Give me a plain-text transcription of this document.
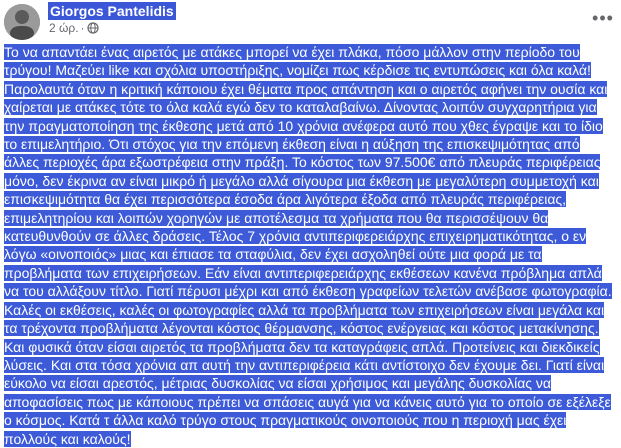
Giorgos Pantelidis
2 ώρ. ·	•••

Το να απαντάει ένας αιρετός με ατάκες μπορεί να έχει πλάκα, πόσο μάλλον στην περίοδο του τρύγου! Μαζεύει like και σχόλια υποστήριξης, νομίζει πως κέρδισε τις εντυπώσεις και όλα καλά! Παρολαυτά όταν η κριτική κάποιου έχει θέματα προς απάντηση και ο αιρετός αφήνει την ουσία και χαίρεται με ατάκες τότε το όλα καλά εγώ δεν το καταλαβαίνω. Δίνοντας λοιπόν συγχαρητήρια για την πραγματοποίηση της έκθεσης μετά από 10 χρόνια ανέφερα αυτό που χθες έγραψε και το ίδιο το επιμελητήριο. Ότι στόχος για την επόμενη έκθεση είναι η αύξηση της επισκεψιμότητας από άλλες περιοχές άρα εξωστρέφεια στην πράξη. Το κόστος των 97.500€ από πλευράς περιφέρειας μόνο, δεν έκρινα αν είναι μικρό ή μεγάλο αλλά σίγουρα μια έκθεση με μεγαλύτερη συμμετοχή και επισκεψιμότητα θα έχει περισσότερα έσοδα άρα λιγότερα έξοδα από πλευράς περιφέρειας, επιμελητηρίου και λοιπών χορηγών με αποτέλεσμα τα χρήματα που θα περισσέψουν θα κατευθυνθούν σε άλλες δράσεις. Τέλος 7 χρόνια αντιπεριφερειάρχης επιχειρηματικότητας, ο εν λόγω «οινοποιός» μιας και έπιασε τα σταφύλια, δεν έχει ασχοληθεί ούτε μια φορά με τα προβλήματα των επιχειρήσεων. Εάν είναι αντιπεριφερειάρχης εκθέσεων κανένα πρόβλημα απλά να του αλλάξουν τίτλο. Γιατί πέρυσι μέχρι και από έκθεση γραφείων τελετών ανέβασε φωτογραφία. Καλές οι εκθέσεις, καλές οι φωτογραφίες αλλά τα προβλήματα των επιχειρήσεων είναι μεγάλα και τα τρέχοντα προβλήματα λέγονται κόστος θέρμανσης, κόστος ενέργειας και κόστος μετακίνησης. Και φυσικά όταν είσαι αιρετός τα προβλήματα δεν τα καταγράφεις απλά. Προτείνεις και διεκδικείς λύσεις. Και στα τόσα χρόνια απ αυτή την αντιπεριφέρεια κάτι αντίστοιχο δεν έχουμε δει. Γιατί είναι εύκολο να είσαι αρεστός, μέτριας δυσκολίας να είσαι χρήσιμος και μεγάλης δυσκολίας να αποφασίσεις πως με κάποιους πρέπει να σπάσεις αυγά για να κάνεις αυτό για το οποίο σε εξέλεξε ο κόσμος. Κατά τ άλλα καλό τρύγο στους πραγματικούς οινοποιούς που η περιοχή μας έχει πολλούς και καλούς!
